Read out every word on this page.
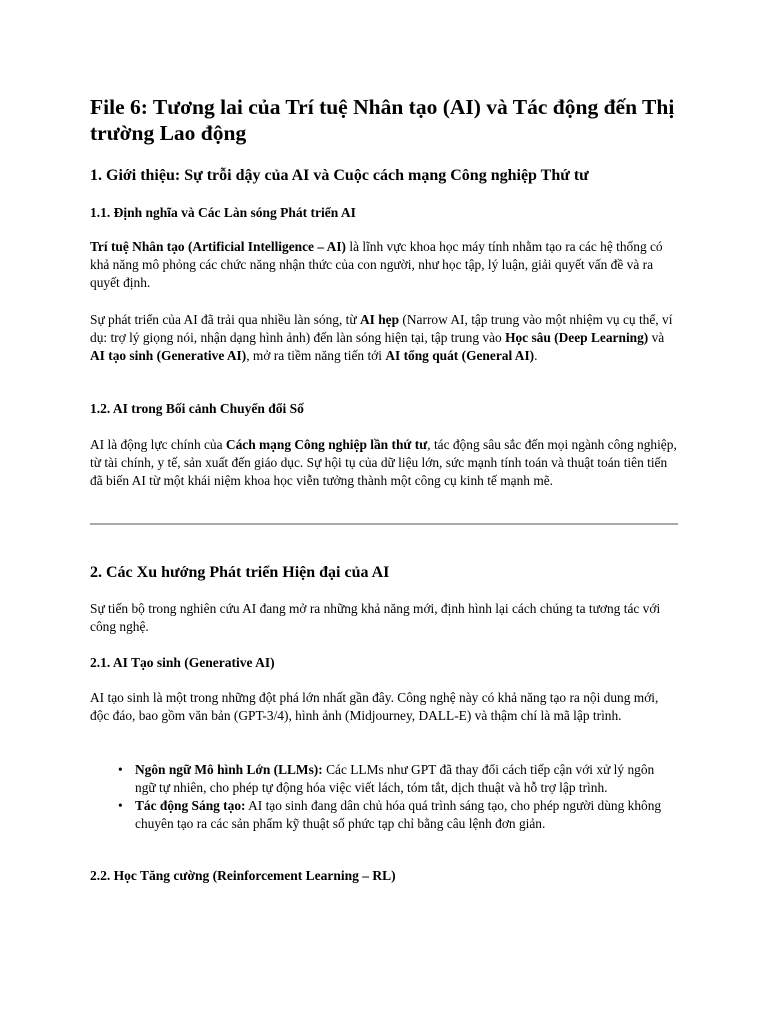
File 6: Tương lai của Trí tuệ Nhân tạo (AI) và Tác động đến Thị trường Lao động
1. Giới thiệu: Sự trỗi dậy của AI và Cuộc cách mạng Công nghiệp Thứ tư
1.1. Định nghĩa và Các Làn sóng Phát triển AI

Trí tuệ Nhân tạo (Artificial Intelligence – AI) là lĩnh vực khoa học máy tính nhằm tạo ra các hệ thống có khả năng mô phỏng các chức năng nhận thức của con người, như học tập, lý luận, giải quyết vấn đề và ra quyết định.

Sự phát triển của AI đã trải qua nhiều làn sóng, từ AI hẹp (Narrow AI, tập trung vào một nhiệm vụ cụ thể, ví dụ: trợ lý giọng nói, nhận dạng hình ảnh) đến làn sóng hiện tại, tập trung vào Học sâu (Deep Learning) và AI tạo sinh (Generative AI), mở ra tiềm năng tiến tới AI tổng quát (General AI).

1.2. AI trong Bối cảnh Chuyển đổi Số

AI là động lực chính của Cách mạng Công nghiệp lần thứ tư, tác động sâu sắc đến mọi ngành công nghiệp, từ tài chính, y tế, sản xuất đến giáo dục. Sự hội tụ của dữ liệu lớn, sức mạnh tính toán và thuật toán tiên tiến đã biến AI từ một khái niệm khoa học viễn tưởng thành một công cụ kinh tế mạnh mẽ.

2. Các Xu hướng Phát triển Hiện đại của AI

Sự tiến bộ trong nghiên cứu AI đang mở ra những khả năng mới, định hình lại cách chúng ta tương tác với công nghệ.

2.1. AI Tạo sinh (Generative AI)

AI tạo sinh là một trong những đột phá lớn nhất gần đây. Công nghệ này có khả năng tạo ra nội dung mới, độc đáo, bao gồm văn bản (GPT-3/4), hình ảnh (Midjourney, DALL-E) và thậm chí là mã lập trình.

• Ngôn ngữ Mô hình Lớn (LLMs): Các LLMs như GPT đã thay đổi cách tiếp cận với xử lý ngôn ngữ tự nhiên, cho phép tự động hóa việc viết lách, tóm tắt, dịch thuật và hỗ trợ lập trình.
• Tác động Sáng tạo: AI tạo sinh đang dân chủ hóa quá trình sáng tạo, cho phép người dùng không chuyên tạo ra các sản phẩm kỹ thuật số phức tạp chỉ bằng câu lệnh đơn giản.
2.2. Học Tăng cường (Reinforcement Learning – RL)
